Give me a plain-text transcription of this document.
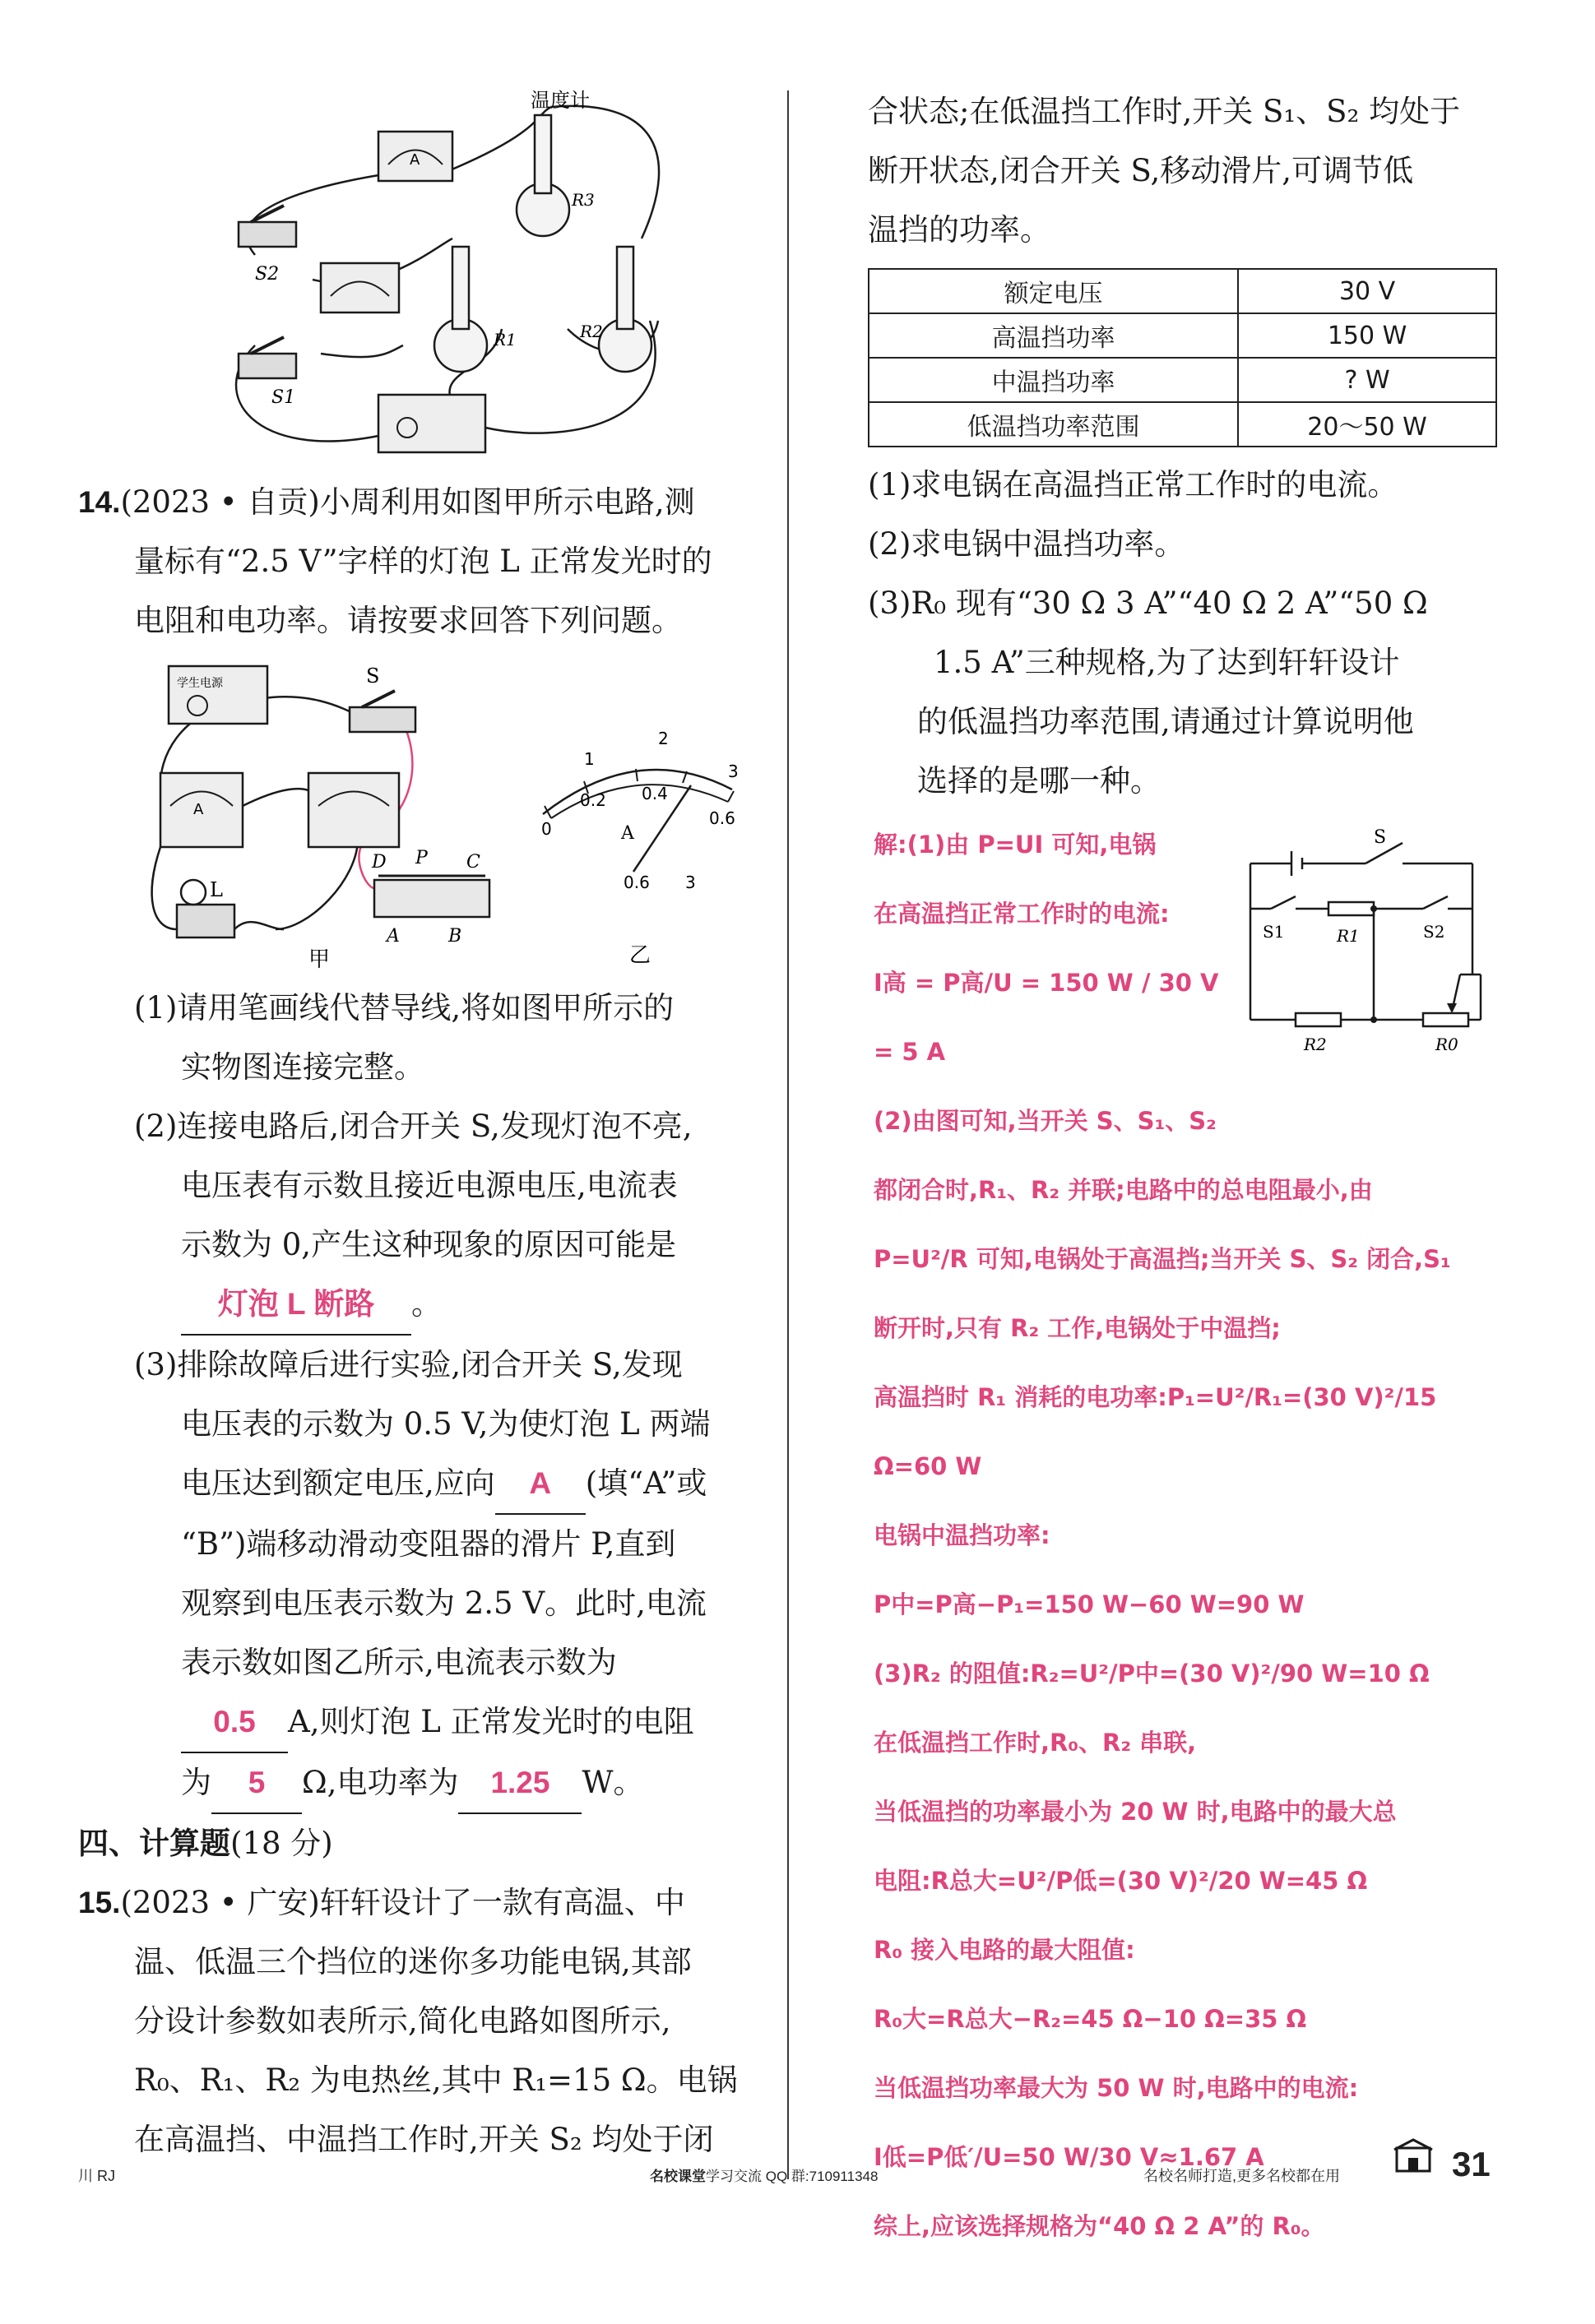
A
S2
S1
温度计
R3
R1	R2

14.(2023 • 自贡)小周利用如图甲所示电路,测

量标有“2.5 V”字样的灯泡 L 正常发光时的

电阻和电功率。请按要求回答下列问题。

学生电源	S
A
L
D P C
A	B
甲
0
0.2 0.4
0.6
1
2
3
A
0.6 3
乙

(1)请用笔画线代替导线,将如图甲所示的

实物图连接完整。

(2)连接电路后,闭合开关 S,发现灯泡不亮,

电压表有示数且接近电源电压,电流表

示数为 0,产生这种现象的原因可能是

灯泡 L 断路 。

(3)排除故障后进行实验,闭合开关 S,发现

电压表的示数为 0.5 V,为使灯泡 L 两端

电压达到额定电压,应向 A (填“A”或

“B”)端移动滑动变阻器的滑片 P,直到

观察到电压表示数为 2.5 V。此时,电流

表示数如图乙所示,电流表示数为

0.5 A,则灯泡 L 正常发光时的电阻

为 5 Ω,电功率为 1.25 W。

四、计算题(18 分)

15.(2023 • 广安)轩轩设计了一款有高温、中

温、低温三个挡位的迷你多功能电锅,其部

分设计参数如表所示,简化电路如图所示,

R₀、R₁、R₂ 为电热丝,其中 R₁=15 Ω。电锅

在高温挡、中温挡工作时,开关 S₂ 均处于闭

合状态;在低温挡工作时,开关 S₁、S₂ 均处于

断开状态,闭合开关 S,移动滑片,可调节低

温挡的功率。

额定电压	30 V
高温挡功率	150 W
中温挡功率	? W
低温挡功率范围	20～50 W

(1)求电锅在高温挡正常工作时的电流。

(2)求电锅中温挡功率。

(3)R₀ 现有“30 Ω 3 A”“40 Ω 2 A”“50 Ω

1.5 A”三种规格,为了达到轩轩设计

的低温挡功率范围,请通过计算说明他

选择的是哪一种。

S
S1	R1	S2
R2	R0

解:(1)由 P=UI 可知,电锅

在高温挡正常工作时的电流:

I高 = P高/U = 150 W / 30 V = 5 A

(2)由图可知,当开关 S、S₁、S₂

都闭合时,R₁、R₂ 并联;电路中的总电阻最小,由

P=U²/R 可知,电锅处于高温挡;当开关 S、S₂ 闭合,S₁

断开时,只有 R₂ 工作,电锅处于中温挡;

高温挡时 R₁ 消耗的电功率:P₁=U²/R₁=(30 V)²/15 Ω=60 W

电锅中温挡功率:

P中=P高−P₁=150 W−60 W=90 W

(3)R₂ 的阻值:R₂=U²/P中=(30 V)²/90 W=10 Ω

在低温挡工作时,R₀、R₂ 串联,

当低温挡的功率最小为 20 W 时,电路中的最大总

电阻:R总大=U²/P低=(30 V)²/20 W=45 Ω

R₀ 接入电路的最大阻值:

R₀大=R总大−R₂=45 Ω−10 Ω=35 Ω

当低温挡功率最大为 50 W 时,电路中的电流:

I低=P低′/U=50 W/30 V≈1.67 A

综上,应该选择规格为“40 Ω 2 A”的 R₀。

川 RJ	名校课堂学习交流 QQ 群:710911348	名校名师打造,更多名校都在用	31
